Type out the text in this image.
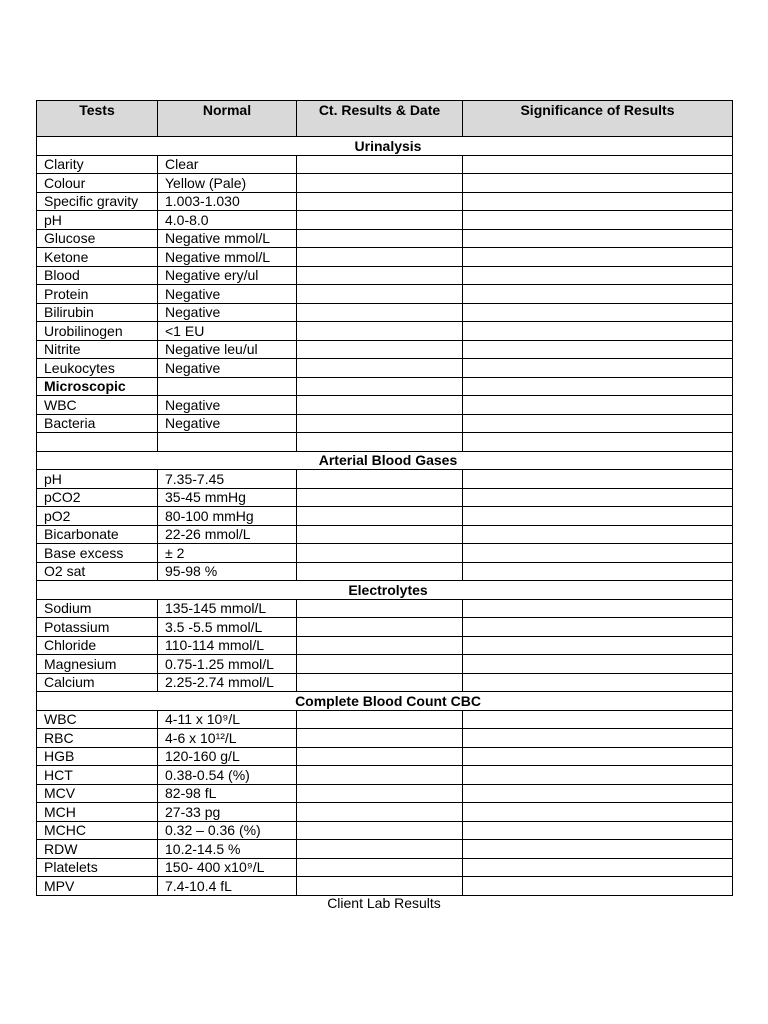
Tests	Normal	Ct. Results & Date	Significance of Results
Urinalysis			
Clarity	Clear		
Colour	Yellow (Pale)		
Specific gravity	1.003-1.030		
pH	4.0-8.0		
Glucose	Negative mmol/L		
Ketone	Negative mmol/L		
Blood	Negative ery/ul		
Protein	Negative		
Bilirubin	Negative		
Urobilinogen	<1 EU		
Nitrite	Negative leu/ul		
Leukocytes	Negative		
Microscopic			
WBC	Negative		
Bacteria	Negative		

Arterial Blood Gases			
pH	7.35-7.45		
pCO2	35-45 mmHg		
pO2	80-100 mmHg		
Bicarbonate	22-26 mmol/L		
Base excess	± 2		
O2 sat	95-98 %		
Electrolytes			
Sodium	135-145 mmol/L		
Potassium	3.5 -5.5 mmol/L		
Chloride	110-114 mmol/L		
Magnesium	0.75-1.25 mmol/L		
Calcium	2.25-2.74 mmol/L		
Complete Blood Count CBC			
WBC	4-11 x 10⁹/L		
RBC	4-6 x 10¹²/L		
HGB	120-160 g/L		
HCT	0.38-0.54 (%)		
MCV	82-98 fL		
MCH	27-33 pg		
MCHC	0.32 – 0.36 (%)		
RDW	10.2-14.5 %		
Platelets	150- 400 x10⁹/L		
MPV	7.4-10.4 fL		
Client Lab Results
